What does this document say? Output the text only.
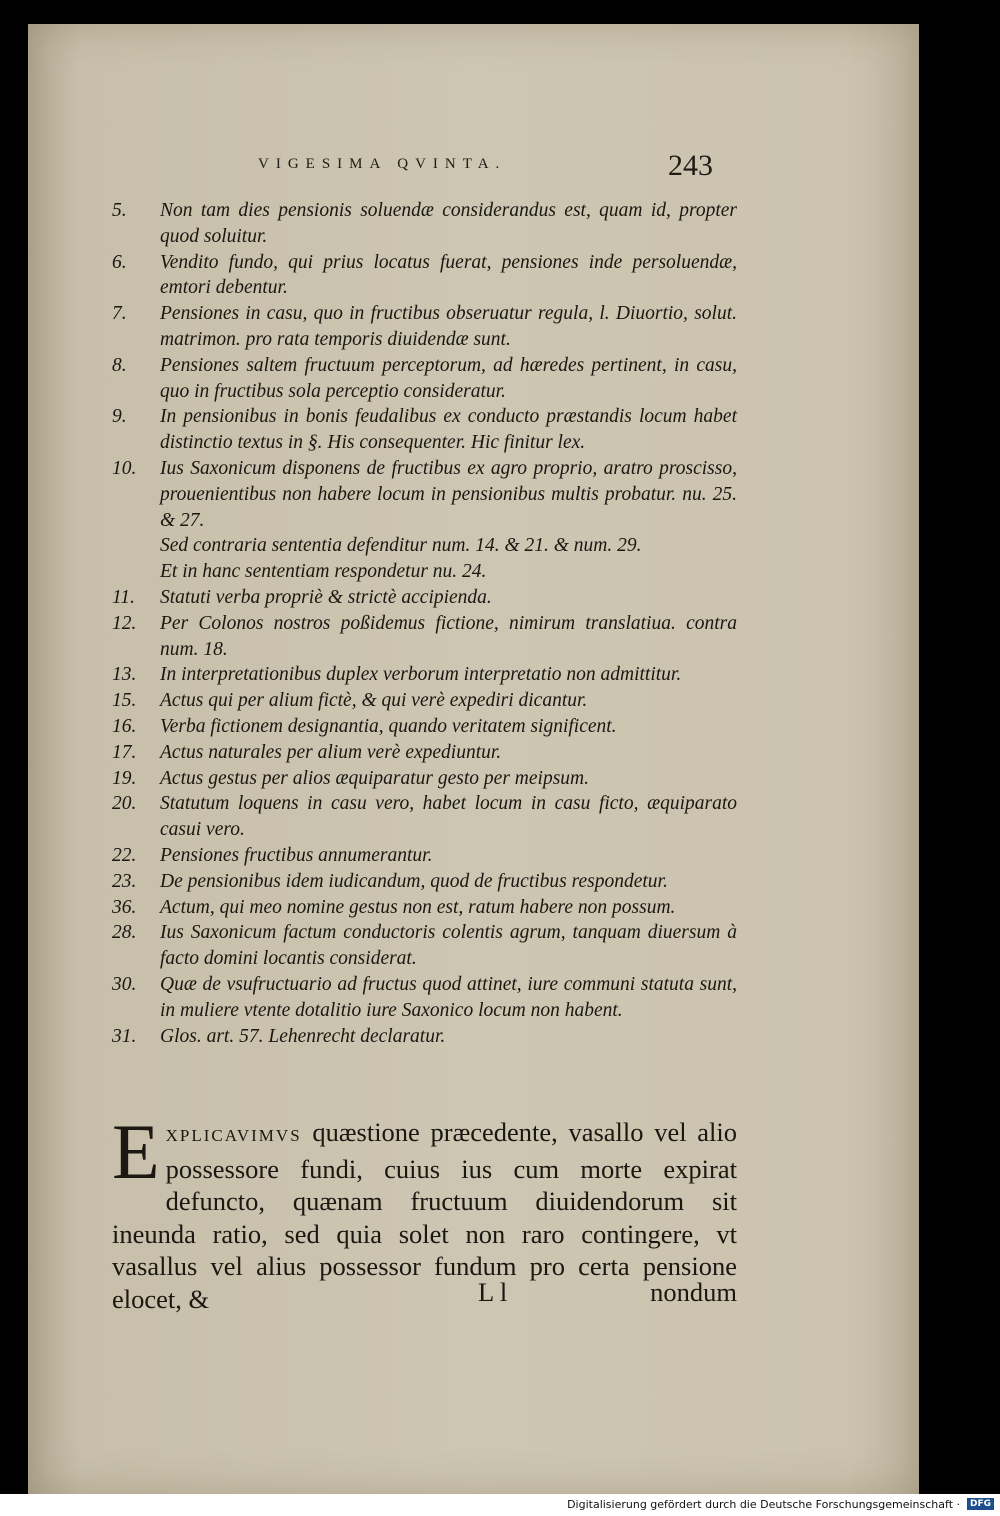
VIGESIMA QVINTA.	243
5.	Non tam dies pensionis soluendæ considerandus est, quam id, propter quod soluitur.
6.	Vendito fundo, qui prius locatus fuerat, pensiones inde persoluendæ, emtori debentur.
7.	Pensiones in casu, quo in fructibus obseruatur regula, l. Diuortio, solut. matrimon. pro rata temporis diuidendæ sunt.
8.	Pensiones saltem fructuum perceptorum, ad hæredes pertinent, in casu, quo in fructibus sola perceptio consideratur.
9.	In pensionibus in bonis feudalibus ex conducto præstandis locum habet distinctio textus in §. His consequenter. Hic finitur lex.
10.	Ius Saxonicum disponens de fructibus ex agro proprio, aratro proscisso, prouenientibus non habere locum in pensionibus multis probatur. nu. 25. & 27.
Sed contraria sententia defenditur num. 14. & 21. & num. 29.
Et in hanc sententiam respondetur nu. 24.
11.	Statuti verba propriè & strictè accipienda.
12.	Per Colonos nostros poßidemus fictione, nimirum translatiua. contra num. 18.
13.	In interpretationibus duplex verborum interpretatio non admittitur.
15.	Actus qui per alium fictè, & qui verè expediri dicantur.
16.	Verba fictionem designantia, quando veritatem significent.
17.	Actus naturales per alium verè expediuntur.
19.	Actus gestus per alios æquiparatur gesto per meipsum.
20.	Statutum loquens in casu vero, habet locum in casu ficto, æquiparato casui vero.
22.	Pensiones fructibus annumerantur.
23.	De pensionibus idem iudicandum, quod de fructibus respondetur.
36.	Actum, qui meo nomine gestus non est, ratum habere non possum.
28.	Ius Saxonicum factum conductoris colentis agrum, tanquam diuersum à facto domini locantis considerat.
30.	Quæ de vsufructuario ad fructus quod attinet, iure communi statuta sunt, in muliere vtente dotalitio iure Saxonico locum non habent.
31.	Glos. art. 57. Lehenrecht declaratur.
E XPLICAVIMVS quæstione præcedente, vasallo vel alio possessore fundi, cuius ius cum morte expirat defuncto, quænam fructuum diuidendorum sit ineunda ratio, sed quia solet non raro contingere, vt vasallus vel alius possessor fundum pro certa pensione elocet, &	L l	nondum
Digitalisierung gefördert durch die Deutsche Forschungsgemeinschaft ·	DFG
